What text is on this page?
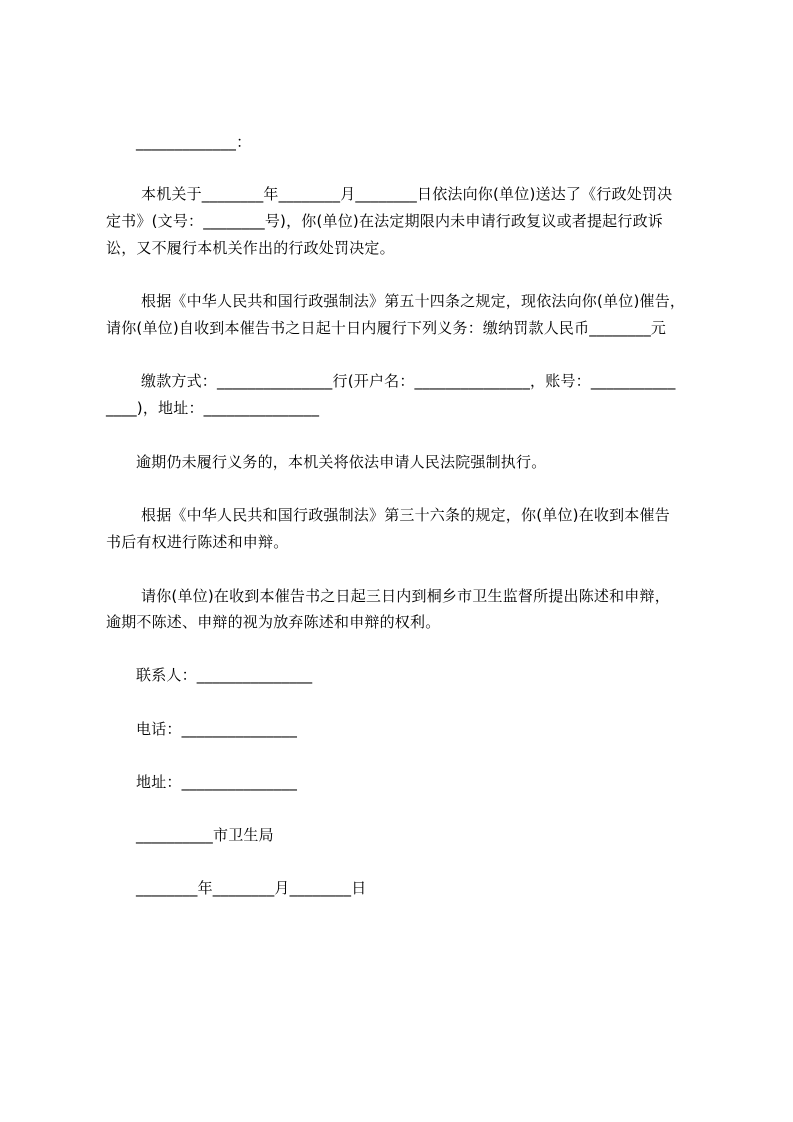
_____________：
本机关于________年________月________日依法向你(单位)送达了《行政处罚决
定书》(文号：________号)，你(单位)在法定期限内未申请行政复议或者提起行政诉
讼，又不履行本机关作出的行政处罚决定。
根据《中华人民共和国行政强制法》第五十四条之规定，现依法向你(单位)催告，
请你(单位)自收到本催告书之日起十日内履行下列义务：缴纳罚款人民币________元
缴款方式：_______________行(开户名：_______________，账号：___________
____)，地址：_______________
逾期仍未履行义务的，本机关将依法申请人民法院强制执行。
根据《中华人民共和国行政强制法》第三十六条的规定，你(单位)在收到本催告
书后有权进行陈述和申辩。
请你(单位)在收到本催告书之日起三日内到桐乡市卫生监督所提出陈述和申辩，
逾期不陈述、申辩的视为放弃陈述和申辩的权利。
联系人：_______________
电话：_______________
地址：_______________
__________市卫生局
________年________月________日
